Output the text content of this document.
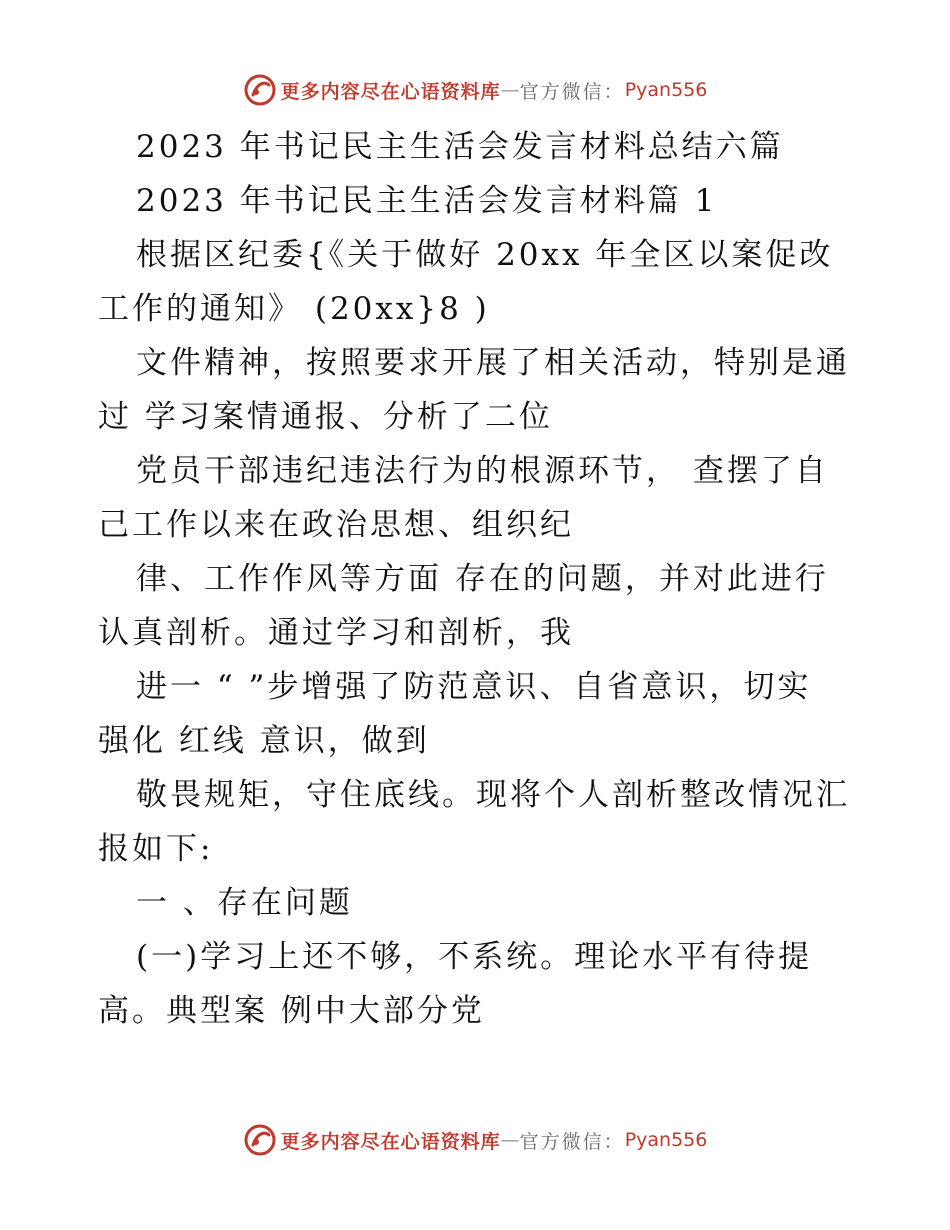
更多内容尽在心语资料库 — 官方微信： Pyan556
2023 年书记民主生活会发言材料总结六篇
2023 年书记民主生活会发言材料篇 1
根据区纪委{《关于做好 20xx 年全区以案促改
工作的通知》 (20xx}8 )
文件精神，按照要求开展了相关活动，特别是通
过 学习案情通报、分析了二位
党员干部违纪违法行为的根源环节， 查摆了自
己工作以来在政治思想、组织纪
律、工作作风等方面 存在的问题，并对此进行
认真剖析。通过学习和剖析，我
进一 “ ”步增强了防范意识、自省意识，切实
强化 红线 意识，做到
敬畏规矩，守住底线。现将个人剖析整改情况汇
报如下:
一 、存在问题
(一)学习上还不够，不系统。理论水平有待提
高。典型案 例中大部分党
更多内容尽在心语资料库 — 官方微信： Pyan556
